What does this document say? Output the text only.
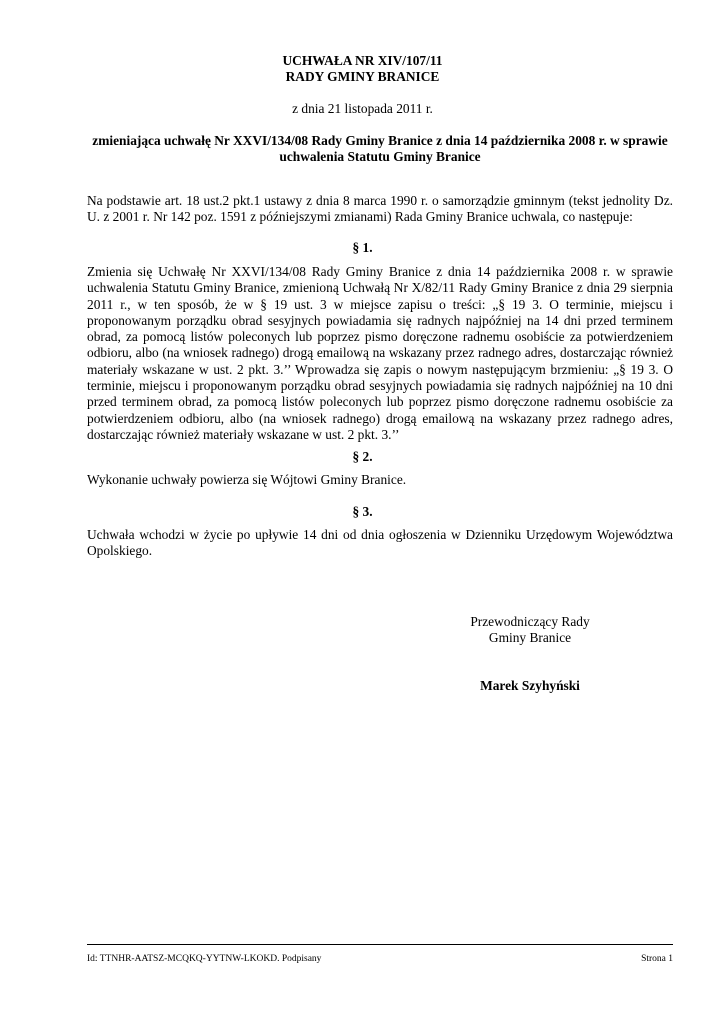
UCHWAŁA NR XIV/107/11
RADY GMINY BRANICE
z dnia 21 listopada 2011 r.
zmieniająca uchwałę Nr XXVI/134/08 Rady Gminy Branice z dnia 14 października 2008 r. w sprawie uchwalenia Statutu Gminy Branice
Na podstawie art. 18 ust.2 pkt.1 ustawy z dnia 8 marca 1990 r. o samorządzie gminnym (tekst jednolity Dz. U. z 2001 r. Nr 142 poz. 1591 z późniejszymi zmianami) Rada Gminy Branice uchwala, co następuje:
§ 1.
Zmienia się Uchwałę Nr XXVI/134/08 Rady Gminy Branice z dnia 14 października 2008 r. w sprawie uchwalenia Statutu Gminy Branice, zmienioną Uchwałą Nr X/82/11 Rady Gminy Branice z dnia 29 sierpnia 2011 r., w ten sposób, że w § 19 ust. 3 w miejsce zapisu o treści: „§ 19 3. O terminie, miejscu i proponowanym porządku obrad sesyjnych powiadamia się radnych najpóźniej na 14 dni przed terminem obrad, za pomocą listów poleconych lub poprzez pismo doręczone radnemu osobiście za potwierdzeniem odbioru, albo (na wniosek radnego) drogą emailową na wskazany przez radnego adres, dostarczając również materiały wskazane w ust. 2 pkt. 3.’’ Wprowadza się zapis o nowym następującym brzmieniu: „§ 19 3. O terminie, miejscu i proponowanym porządku obrad sesyjnych powiadamia się radnych najpóźniej na 10 dni przed terminem obrad, za pomocą listów poleconych lub poprzez pismo doręczone radnemu osobiście za potwierdzeniem odbioru, albo (na wniosek radnego) drogą emailową na wskazany przez radnego adres, dostarczając również materiały wskazane w ust. 2 pkt. 3.’’
§ 2.
Wykonanie uchwały powierza się Wójtowi Gminy Branice.
§ 3.
Uchwała wchodzi w życie po upływie 14 dni od dnia ogłoszenia w Dzienniku Urzędowym Województwa Opolskiego.
Przewodniczący Rady
Gminy Branice
Marek Szyhyński
Id: TTNHR-AATSZ-MCQKQ-YYTNW-LKOKD. Podpisany	Strona 1
